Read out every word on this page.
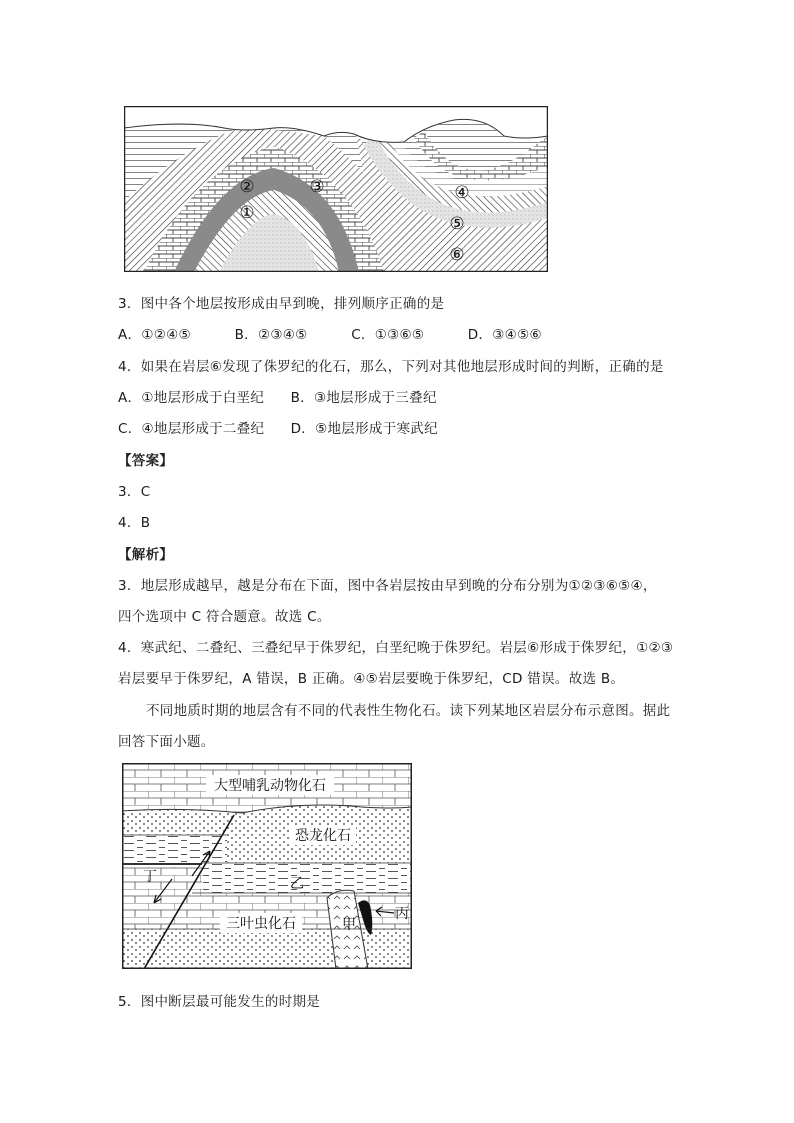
②	③
①
④
⑤
⑥
3．图中各个地层按形成由早到晚，排列顺序正确的是
A．①②④⑤	B．②③④⑤	C．①③⑥⑤	D．③④⑤⑥
4．如果在岩层⑥发现了侏罗纪的化石，那么，下列对其他地层形成时间的判断，正确的是
A．①地层形成于白垩纪 B．③地层形成于三叠纪
C．④地层形成于二叠纪 D．⑤地层形成于寒武纪
【答案】
3．C
4．B
【解析】
3．地层形成越早，越是分布在下面，图中各岩层按由早到晚的分布分别为①②③⑥⑤④，
四个选项中 C 符合题意。故选 C。
4．寒武纪、二叠纪、三叠纪早于侏罗纪，白垩纪晚于侏罗纪。岩层⑥形成于侏罗纪，①②③
岩层要早于侏罗纪，A 错误，B 正确。④⑤岩层要晚于侏罗纪，CD 错误。故选 B。
不同地质时期的地层含有不同的代表性生物化石。读下列某地区岩层分布示意图。据此
回答下面小题。
大型哺乳动物化石
恐龙化石
乙
丁
三叶虫化石	甲
丙
5．图中断层最可能发生的时期是
